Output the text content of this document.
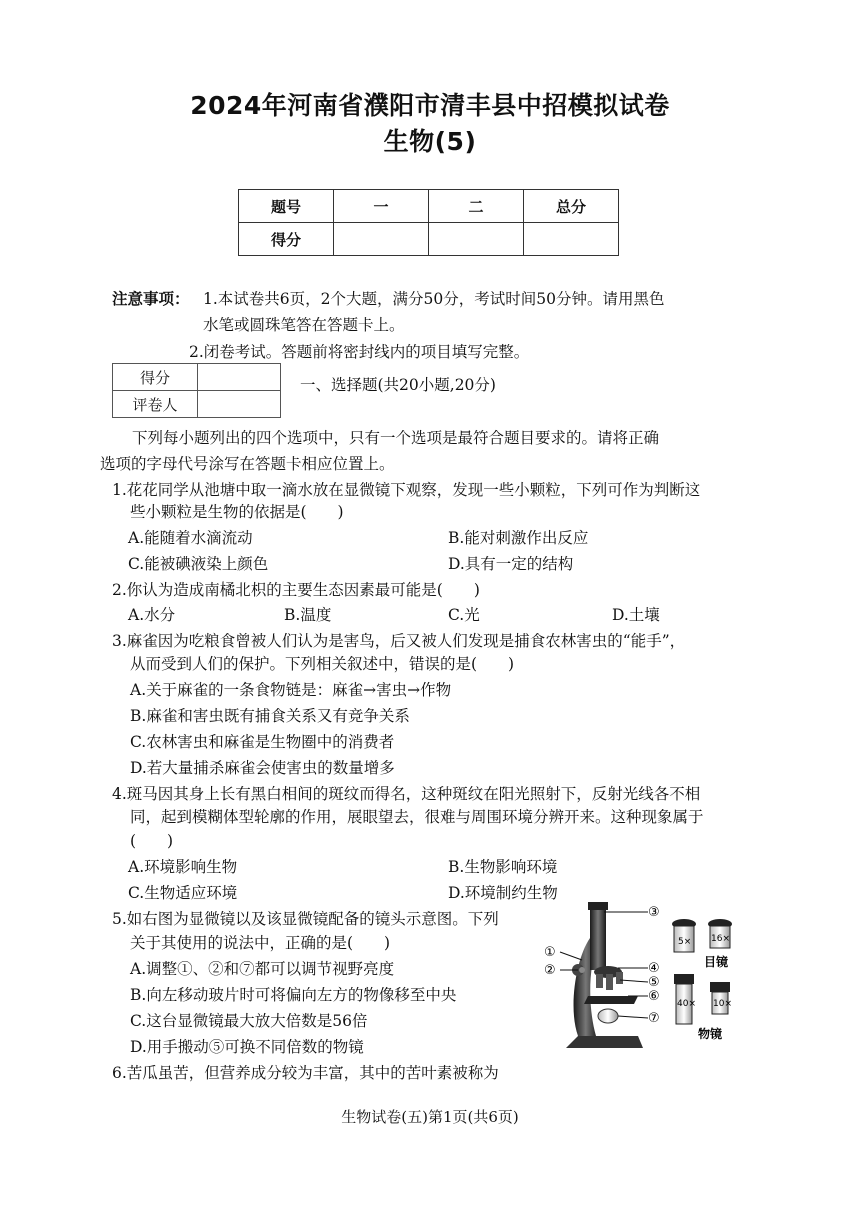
2024年河南省濮阳市清丰县中招模拟试卷
生物(5)
题号	一	二	总分
得分			
注意事项： 1.本试卷共6页，2个大题，满分50分，考试时间50分钟。请用黑色
水笔或圆珠笔答在答题卡上。
2.闭卷考试。答题前将密封线内的项目填写完整。
得分	
评卷人	
一、选择题(共20小题,20分)
下列每小题列出的四个选项中，只有一个选项是最符合题目要求的。请将正确
选项的字母代号涂写在答题卡相应位置上。
1.花花同学从池塘中取一滴水放在显微镜下观察，发现一些小颗粒，下列可作为判断这
些小颗粒是生物的依据是(　　)
A.能随着水滴流动	B.能对刺激作出反应
C.能被碘液染上颜色	D.具有一定的结构
2.你认为造成南橘北枳的主要生态因素最可能是(　　)
A.水分	B.温度	C.光	D.土壤
3.麻雀因为吃粮食曾被人们认为是害鸟，后又被人们发现是捕食农林害虫的“能手”，
从而受到人们的保护。下列相关叙述中，错误的是(　　)
A.关于麻雀的一条食物链是：麻雀→害虫→作物
B.麻雀和害虫既有捕食关系又有竞争关系
C.农林害虫和麻雀是生物圈中的消费者
D.若大量捕杀麻雀会使害虫的数量增多
4.斑马因其身上长有黑白相间的斑纹而得名，这种斑纹在阳光照射下，反射光线各不相
同，起到模糊体型轮廓的作用，展眼望去，很难与周围环境分辨开来。这种现象属于
(　　)
A.环境影响生物	B.生物影响环境
C.生物适应环境	D.环境制约生物
5.如右图为显微镜以及该显微镜配备的镜头示意图。下列
关于其使用的说法中，正确的是(　　)
A.调整①、②和⑦都可以调节视野亮度
B.向左移动玻片时可将偏向左方的物像移至中央
C.这台显微镜最大放大倍数是56倍
D.用手搬动⑤可换不同倍数的物镜
6.苦瓜虽苦，但营养成分较为丰富，其中的苦叶素被称为
①
②
③
④
⑤
⑥
⑦
5× 16×
目镜
40× 10×
物镜
生物试卷(五)第1页(共6页)
